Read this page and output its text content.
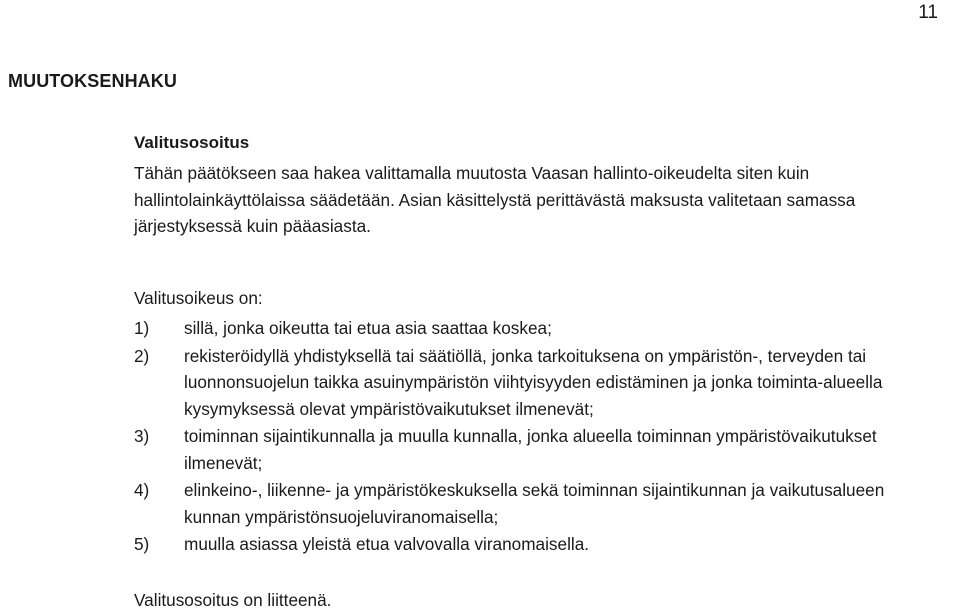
11
MUUTOKSENHAKU
Valitusosoitus
Tähän päätökseen saa hakea valittamalla muutosta Vaasan hallinto-oikeudelta siten kuin hallintolainkäyttölaissa säädetään. Asian käsittelystä perittävästä maksusta valitetaan samassa järjestyksessä kuin pääasiasta.
Valitusoikeus on:
1) sillä, jonka oikeutta tai etua asia saattaa koskea;
2) rekisteröidyllä yhdistyksellä tai säätiöllä, jonka tarkoituksena on ympäristön-, terveyden tai luonnonsuojelun taikka asuinympäristön viihtyisyyden edistäminen ja jonka toiminta-alueella kysymyksessä olevat ympäristövaikutukset ilmenevät;
3) toiminnan sijaintikunnalla ja muulla kunnalla, jonka alueella toiminnan ympäristövaikutukset ilmenevät;
4) elinkeino-, liikenne- ja ympäristökeskuksella sekä toiminnan sijaintikunnan ja vaikutusalueen kunnan ympäristönsuojeluviranomaisella;
5) muulla asiassa yleistä etua valvovalla viranomaisella.
Valitusosoitus on liitteenä.
